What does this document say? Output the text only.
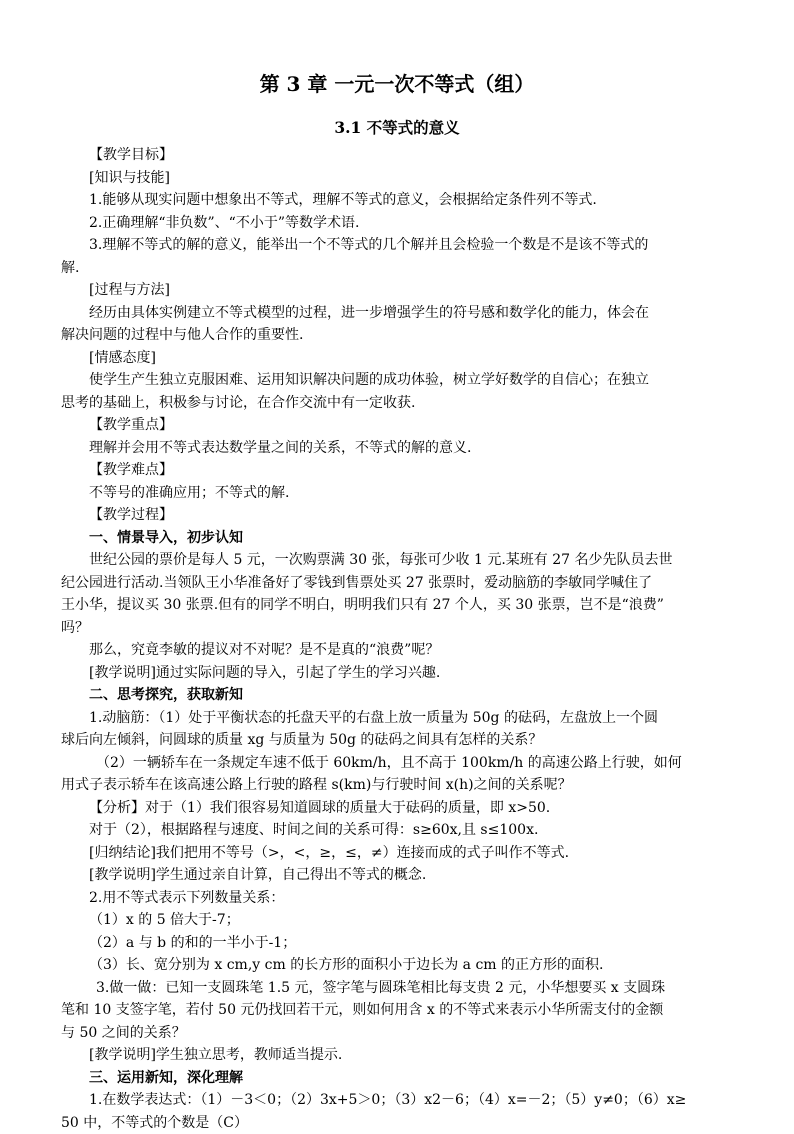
第 3 章 一元一次不等式（组）
3.1 不等式的意义
【教学目标】
[知识与技能]
1.能够从现实问题中想象出不等式，理解不等式的意义，会根据给定条件列不等式.
2.正确理解“非负数”、“不小于”等数学术语.
3.理解不等式的解的意义，能举出一个不等式的几个解并且会检验一个数是不是该不等式的
解.
[过程与方法]
经历由具体实例建立不等式模型的过程，进一步增强学生的符号感和数学化的能力，体会在
解决问题的过程中与他人合作的重要性.
[情感态度]
使学生产生独立克服困难、运用知识解决问题的成功体验，树立学好数学的自信心；在独立
思考的基础上，积极参与讨论，在合作交流中有一定收获.
【教学重点】
理解并会用不等式表达数学量之间的关系，不等式的解的意义.
【教学难点】
不等号的准确应用；不等式的解.
【教学过程】
一、情景导入，初步认知
世纪公园的票价是每人 5 元，一次购票满 30 张，每张可少收 1 元.某班有 27 名少先队员去世
纪公园进行活动.当领队王小华准备好了零钱到售票处买 27 张票时，爱动脑筋的李敏同学喊住了
王小华，提议买 30 张票.但有的同学不明白，明明我们只有 27 个人，买 30 张票，岂不是“浪费”
吗？
那么，究竟李敏的提议对不对呢？是不是真的“浪费”呢？
[教学说明]通过实际问题的导入，引起了学生的学习兴趣.
二、思考探究，获取新知
1.动脑筋：（1）处于平衡状态的托盘天平的右盘上放一质量为 50g 的砝码，左盘放上一个圆
球后向左倾斜，问圆球的质量 xg 与质量为 50g 的砝码之间具有怎样的关系？
（2）一辆轿车在一条规定车速不低于 60km/h，且不高于 100km/h 的高速公路上行驶，如何
用式子表示轿车在该高速公路上行驶的路程 s(km)与行驶时间 x(h)之间的关系呢？
【分析】对于（1）我们很容易知道圆球的质量大于砝码的质量，即 x>50.
对于（2），根据路程与速度、时间之间的关系可得：s≥60x,且 s≤100x.
[归纳结论]我们把用不等号（>，<，≥，≤，≠）连接而成的式子叫作不等式.
[教学说明]学生通过亲自计算，自己得出不等式的概念.
2.用不等式表示下列数量关系：
（1）x 的 5 倍大于-7；
（2）a 与 b 的和的一半小于-1；
（3）长、宽分别为 x cm,y cm 的长方形的面积小于边长为 a cm 的正方形的面积.
3.做一做：已知一支圆珠笔 1.5 元，签字笔与圆珠笔相比每支贵 2 元，小华想要买 x 支圆珠
笔和 10 支签字笔，若付 50 元仍找回若干元，则如何用含 x 的不等式来表示小华所需支付的金额
与 50 之间的关系？
[教学说明]学生独立思考，教师适当提示.
三、运用新知，深化理解
1.在数学表达式：（1）－3＜0；（2）3x+5＞0；（3）x2－6；（4）x=－2；（5）y≠0；（6）x≥
50 中，不等式的个数是（C）
